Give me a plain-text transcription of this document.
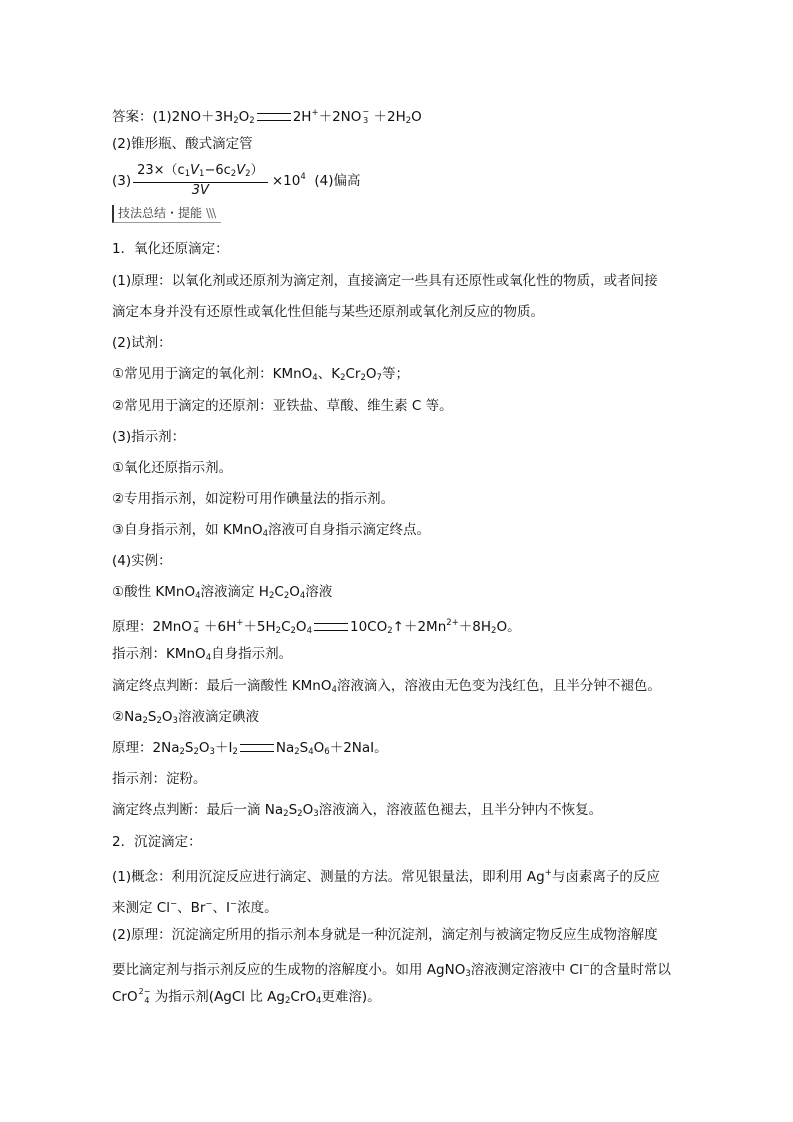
答案：$(1)2NO+3H_2O_2$	$2H^++2NO-3 +2H_2O$
(2)锥形瓶、酸式滴定管
$(3) \frac{23\times(c_1V_1-6c_2V_2)}{3V} \times 10^4$ (4)偏高
技法总结・提能 \\\
1．氧化还原滴定：
(1)原理：以氧化剂或还原剂为滴定剂，直接滴定一些具有还原性或氧化性的物质，或者间接
滴定本身并没有还原性或氧化性但能与某些还原剂或氧化剂反应的物质。
(2)试剂：
①常见用于滴定的氧化剂：KMnO$_4$、$K_2Cr_2O_7$等；
②常见用于滴定的还原剂：亚铁盐、草酸、维生素 C 等。
(3)指示剂：
①氧化还原指示剂。
②专用指示剂，如淀粉可用作碘量法的指示剂。
③自身指示剂，如 KMnO$_4$溶液可自身指示滴定终点。
(4)实例：
①酸性 KMnO$_4$溶液滴定 $H_2C_2O_4$溶液
原理：$2MnO-4 +6H^++5H_2C_2O_4$	$10CO_2↑+2Mn^{2+}+8H_2O$。
指示剂：KMnO$_4$自身指示剂。
滴定终点判断：最后一滴酸性 KMnO$_4$溶液滴入，溶液由无色变为浅红色，且半分钟不褪色。
$②Na_2S_2O_3$溶液滴定碘液
原理：$2Na_2S_2O_3+I_2$	$Na_2S_4O_6+2NaI$。
指示剂：淀粉。
滴定终点判断：最后一滴 $Na_2S_2O_3$溶液滴入，溶液蓝色褪去，且半分钟内不恢复。
2．沉淀滴定：
(1)概念：利用沉淀反应进行滴定、测量的方法。常见银量法，即利用 Ag+与卤素离子的反应
来测定 Cl−、Br−、I−浓度。
(2)原理：沉淀滴定所用的指示剂本身就是一种沉淀剂，滴定剂与被滴定物反应生成物溶解度
要比滴定剂与指示剂反应的生成物的溶解度小。如用 AgNO$_3$溶液测定溶液中 Cl−的含量时常以
CrO2−4 为指示剂(AgCl 比 $Ag_2CrO_4$更难溶)。
